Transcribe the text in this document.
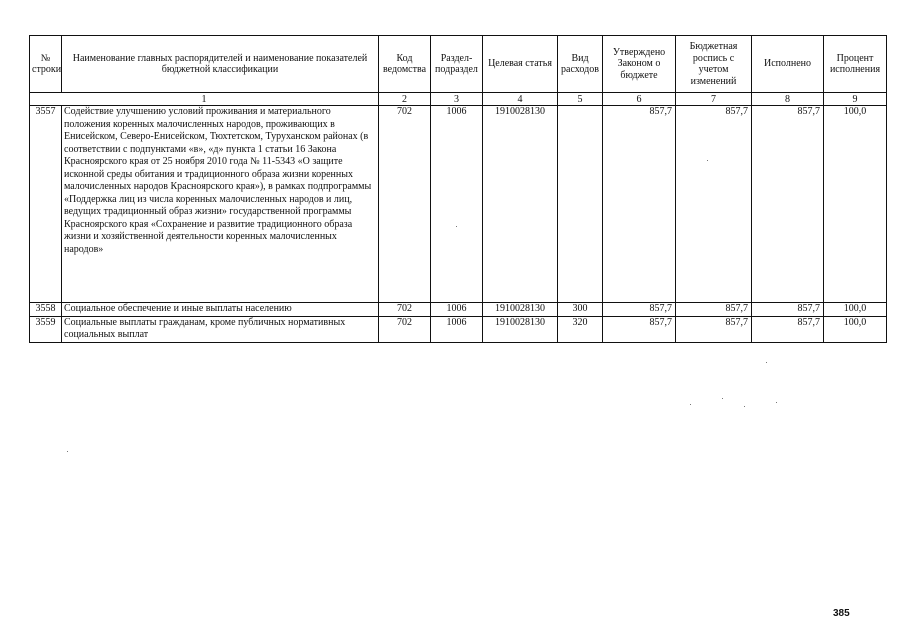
№ строки	Наименование главных распорядителей и наименование показателей бюджетной классификации	Код ведомства	Раздел-подраздел	Целевая статья	Вид расходов	Утверждено Законом о бюджете	Бюджетная роспись с учетом изменений	Исполнено	Процент исполнения
1		2	3	4	5	6	7	8	9
3557	Содействие улучшению условий проживания и материального положения коренных малочисленных народов, проживающих в Енисейском, Северо-Енисейском, Тюхтетском, Туруханском районах (в соответствии с подпунктами «в», «д» пункта 1 статьи 16 Закона Красноярского края от 25 ноября 2010 года № 11-5343 «О защите исконной среды обитания и традиционного образа жизни коренных малочисленных народов Красноярского края»), в рамках подпрограммы «Поддержка лиц из числа коренных малочисленных народов и лиц, ведущих традиционный образ жизни» государственной программы Красноярского края «Сохранение и развитие традиционного образа жизни и хозяйственной деятельности коренных малочисленных народов»	702	1006	1910028130		857,7	857,7	857,7	100,0
3558	Социальное обеспечение и иные выплаты населению	702	1006	1910028130	300	857,7	857,7	857,7	100,0
3559	Социальные выплаты гражданам, кроме публичных нормативных социальных выплат	702	1006	1910028130	320	857,7	857,7	857,7	100,0
385
